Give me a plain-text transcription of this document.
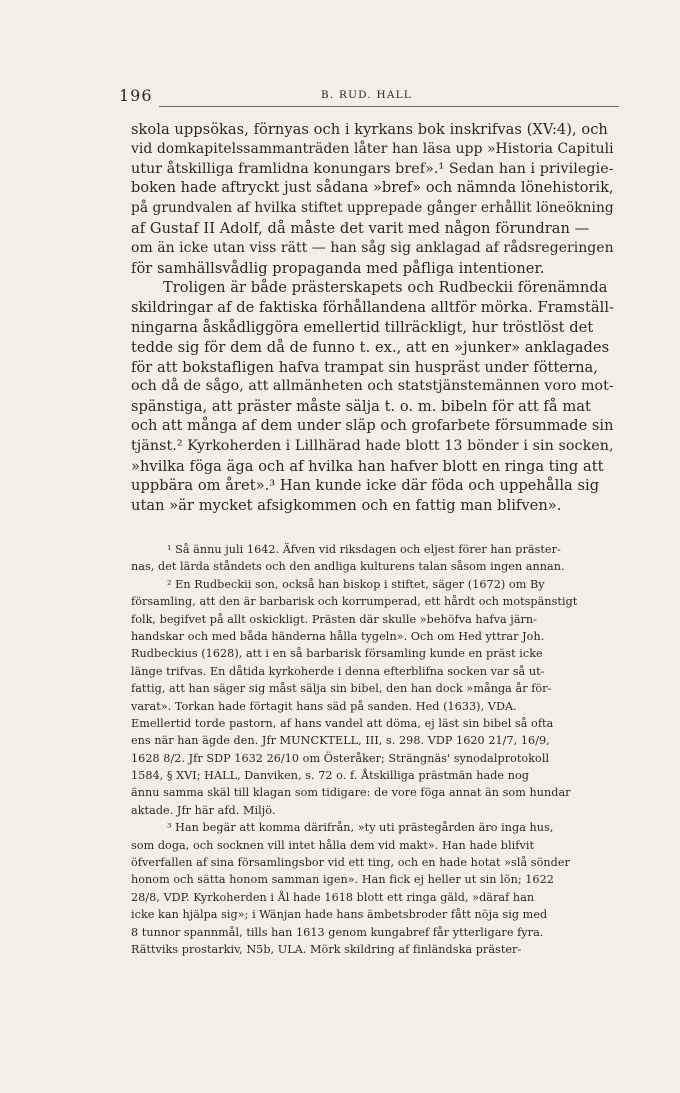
196	B. RUD. HALL
skola uppsökas, förnyas och i kyrkans bok inskrifvas (XV:4), och
vid domkapitelssammanträden låter han läsa upp »Historia Capituli
utur åtskilliga framlidna konungars bref».¹ Sedan han i privilegie-
boken hade aftryckt just sådana »bref» och nämnda lönehistorik,
på grundvalen af hvilka stiftet upprepade gånger erhållit löneökning
af Gustaf II Adolf, då måste det varit med någon förundran —
om än icke utan viss rätt — han såg sig anklagad af rådsregeringen
för samhällsvådlig propaganda med påfliga intentioner.
Troligen är både prästerskapets och Rudbeckii förenämnda
skildringar af de faktiska förhållandena alltför mörka. Framställ-
ningarna åskådliggöra emellertid tillräckligt, hur tröstlöst det
tedde sig för dem då de funno t. ex., att en »junker» anklagades
för att bokstafligen hafva trampat sin huspräst under fötterna,
och då de sågo, att allmänheten och statstjänstemännen voro mot-
spänstiga, att präster måste sälja t. o. m. bibeln för att få mat
och att många af dem under släp och grofarbete försummade sin
tjänst.² Kyrkoherden i Lillhärad hade blott 13 bönder i sin socken,
»hvilka föga äga och af hvilka han hafver blott en ringa ting att
uppbära om året».³ Han kunde icke där föda och uppehålla sig
utan »är mycket afsigkommen och en fattig man blifven».
¹ Så ännu juli 1642. Äfven vid riksdagen och eljest förer han präster-
nas, det lärda ståndets och den andliga kulturens talan såsom ingen annan.
² En Rudbeckii son, också han biskop i stiftet, säger (1672) om By
församling, att den är barbarisk och korrumperad, ett hårdt och motspänstigt
folk, begifvet på allt oskickligt. Prästen där skulle »behöfva hafva järn-
handskar och med båda händerna hålla tygeln». Och om Hed yttrar Joh.
Rudbeckius (1628), att i en så barbarisk församling kunde en präst icke
länge trifvas. En dåtida kyrkoherde i denna efterblifna socken var så ut-
fattig, att han säger sig måst sälja sin bibel, den han dock »många år för-
varat». Torkan hade förtagit hans säd på sanden. Hed (1633), VDA.
Emellertid torde pastorn, af hans vandel att döma, ej läst sin bibel så ofta
ens när han ägde den. Jfr MUNCKTELL, III, s. 298. VDP 1620 21/7, 16/9,
1628 8/2. Jfr SDP 1632 26/10 om Österåker; Strängnäs' synodalprotokoll
1584, § XVI; HALL, Danviken, s. 72 o. f. Åtskilliga prästmän hade nog
ännu samma skäl till klagan som tidigare: de vore föga annat än som hundar
aktade. Jfr här afd. Miljö.
³ Han begär att komma därifrån, »ty uti prästegården äro inga hus,
som doga, och socknen vill intet hålla dem vid makt». Han hade blifvit
öfverfallen af sina församlingsbor vid ett ting, och en hade hotat »slå sönder
honom och sätta honom samman igen». Han fick ej heller ut sin lön; 1622
28/8, VDP. Kyrkoherden i Ål hade 1618 blott ett ringa gäld, »däraf han
icke kan hjälpa sig»; i Wänjan hade hans ämbetsbroder fått nöja sig med
8 tunnor spannmål, tills han 1613 genom kungabref får ytterligare fyra.
Rättviks prostarkiv, N5b, ULA. Mörk skildring af finländska präster-
